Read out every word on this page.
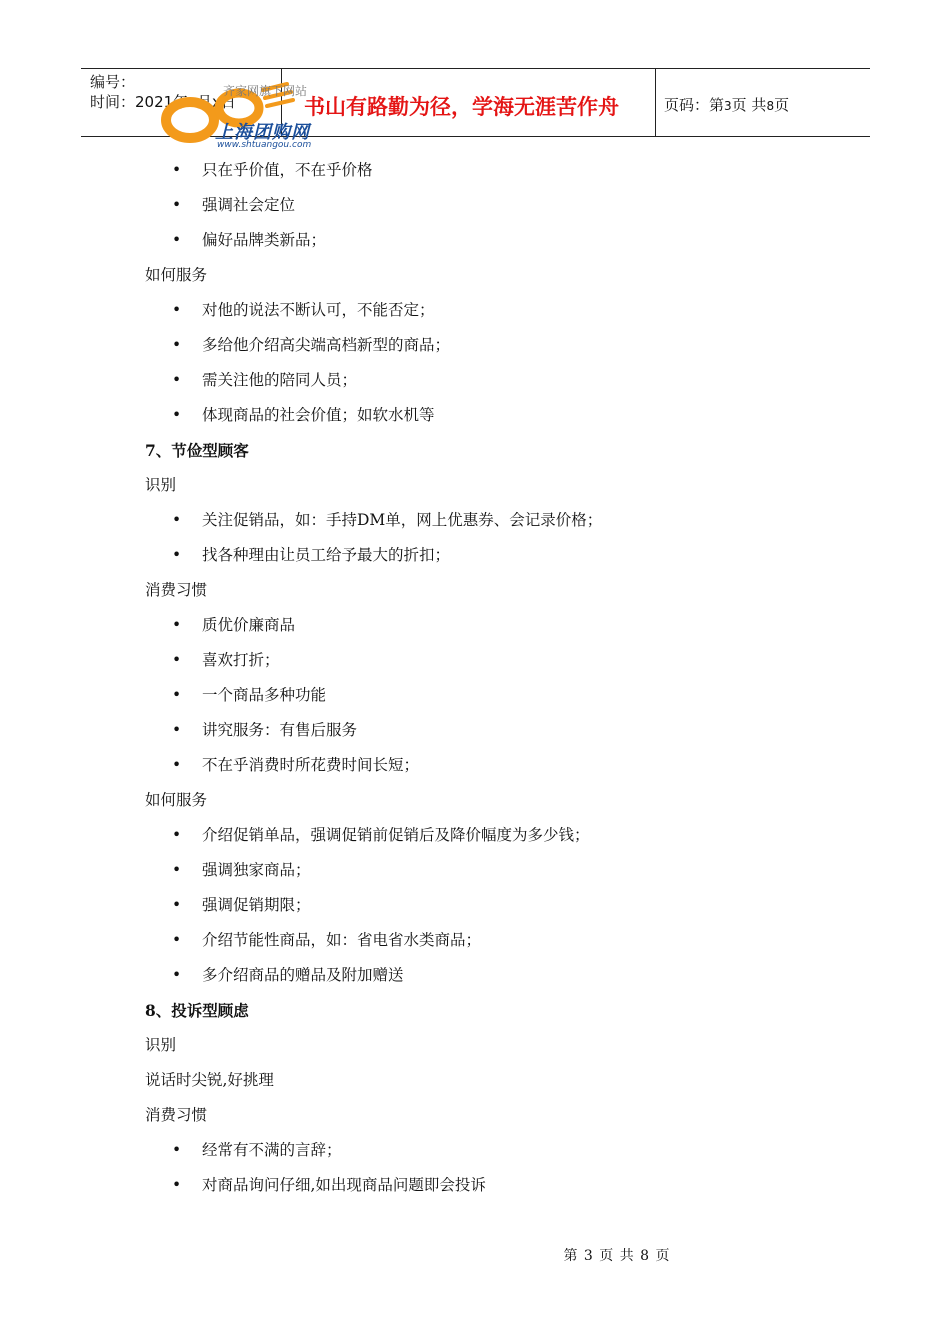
编号：
时间：2021年x月x日	书山有路勤为径，学海无涯苦作舟	页码：第3页 共8页
齐家网旗下网站
上海团购网
www.shtuangou.com
• 只在乎价值，不在乎价格
• 强调社会定位
• 偏好品牌类新品；
如何服务
• 对他的说法不断认可，不能否定；
• 多给他介绍高尖端高档新型的商品；
• 需关注他的陪同人员；
• 体现商品的社会价值；如软水机等
7、节俭型顾客
识别
• 关注促销品，如：手持DM单，网上优惠券、会记录价格；
• 找各种理由让员工给予最大的折扣；
消费习惯
• 质优价廉商品
• 喜欢打折；
• 一个商品多种功能
• 讲究服务：有售后服务
• 不在乎消费时所花费时间长短；
如何服务
• 介绍促销单品，强调促销前促销后及降价幅度为多少钱；
• 强调独家商品；
• 强调促销期限；
• 介绍节能性商品，如：省电省水类商品；
• 多介绍商品的赠品及附加赠送
8、投诉型顾虑
识别
说话时尖锐,好挑理
消费习惯
• 经常有不满的言辞；
• 对商品询问仔细,如出现商品问题即会投诉
第 3 页 共 8 页
